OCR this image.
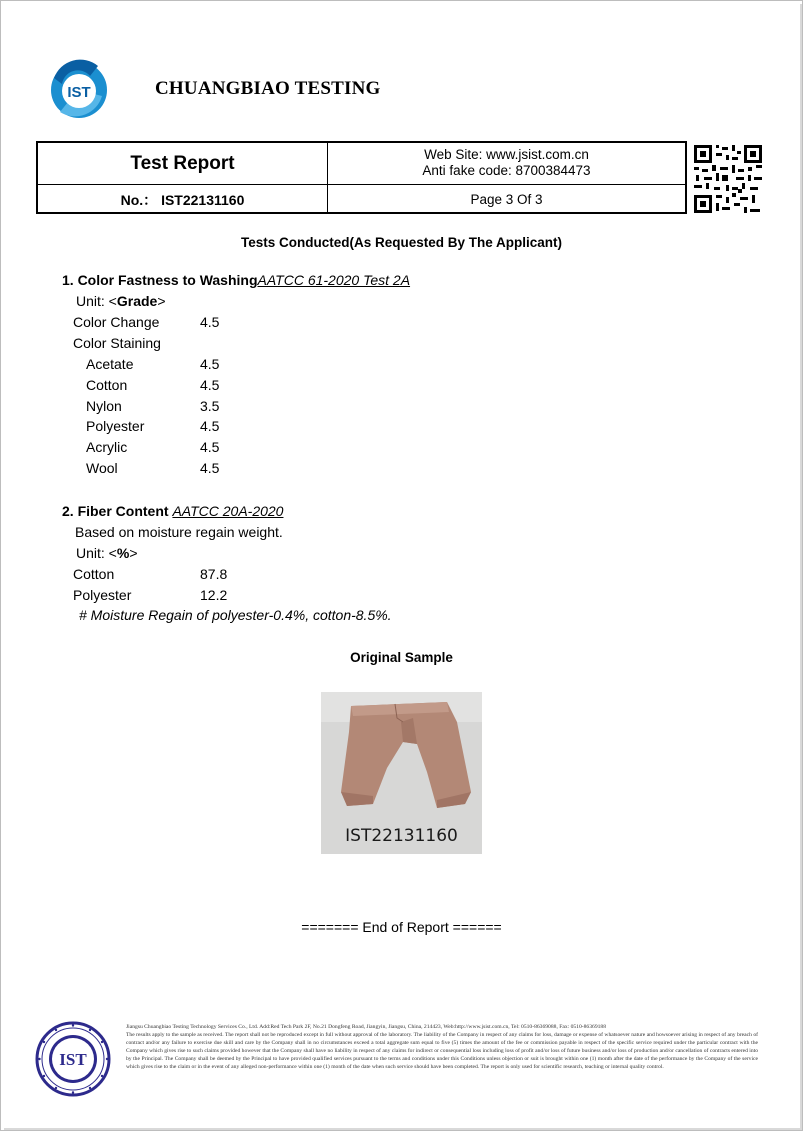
IST	CHUANGBIAO TESTING
Test Report	Web Site: www.jsist.com.cn
Anti fake code: 8700384473
No.： IST22131160	Page 3 Of 3
Tests Conducted(As Requested By The Applicant)
1. Color Fastness to WashingAATCC 61-2020 Test 2A
Unit: <Grade>
Color Change	4.5
Color Staining
Acetate	4.5
Cotton	4.5
Nylon	3.5
Polyester	4.5
Acrylic	4.5
Wool	4.5
2. Fiber Content AATCC 20A-2020
Based on moisture regain weight.
Unit: <%>
Cotton	87.8
Polyester	12.2
# Moisture Regain of polyester-0.4%, cotton-8.5%.
Original Sample
IST22131160
======= End of Report ======
IST
Jiangsu Chuangbiao Testing Technology Services Co., Ltd. Add:Red Tech Park 2F, No.21 Dongfeng Road, Jiangyin, Jiangsu, China, 214423, Web:http://www.jsist.com.cn, Tel: 0510-86369088, Fax: 0510-86369188
The results apply to the sample as received. The report shall not be reproduced except in full without approval of the laboratory. The liability of the Company in respect of any claims for loss, damage or expense of whatsoever nature and howsoever arising in respect of any breach of contract and/or any failure to exercise due skill and care by the Company shall in no circumstances exceed a total aggregate sum equal to five (5) times the amount of the fee or commission payable in respect of the specific service required under the particular contract with the Company which gives rise to such claims provided however that the Company shall have no liability in respect of any claims for indirect or consequential loss including loss of profit and/or loss of future business and/or loss of production and/or cancellation of contracts entered into by the Principal. The Company shall be deemed by the Principal to have provided qualified services pursuant to the terms and conditions under this Conditions unless objection or suit is brought within one (1) month after the date of the performance by the Company of the service which gives rise to the claim or in the event of any alleged non-performance within one (1) month of the date when such service should have been completed. The report is only used for scientific research, teaching or internal quality control.
